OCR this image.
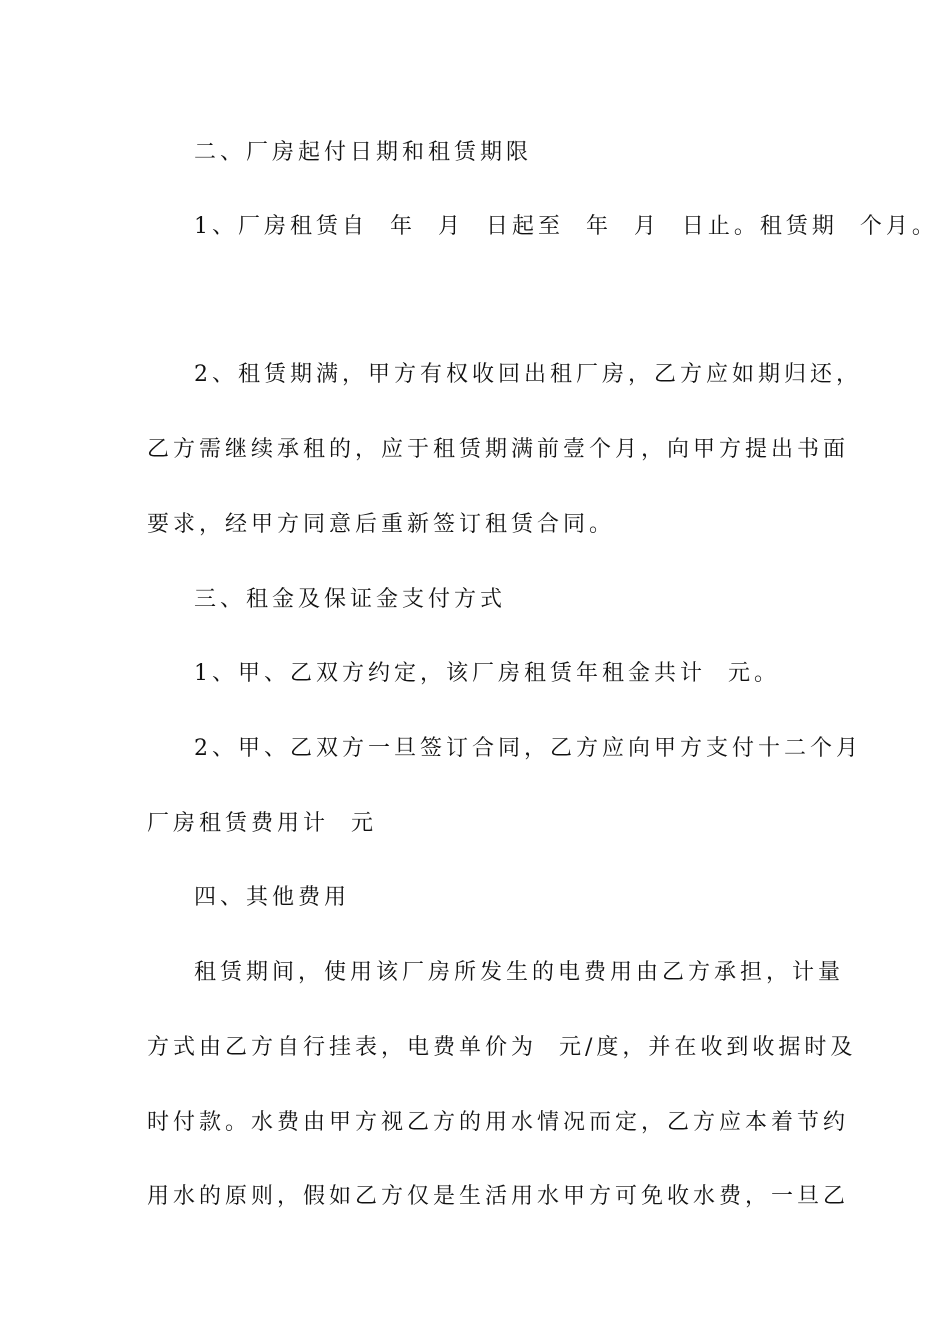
二、厂房起付日期和租赁期限

1、厂房租赁自  年  月  日起至  年  月  日止。租赁期  个月。

2、租赁期满，甲方有权收回出租厂房，乙方应如期归还，

乙方需继续承租的，应于租赁期满前壹个月，向甲方提出书面

要求，经甲方同意后重新签订租赁合同。

三、租金及保证金支付方式

1、甲、乙双方约定，该厂房租赁年租金共计  元。

2、甲、乙双方一旦签订合同，乙方应向甲方支付十二个月

厂房租赁费用计  元

四、其他费用

租赁期间，使用该厂房所发生的电费用由乙方承担，计量

方式由乙方自行挂表，电费单价为  元/度，并在收到收据时及

时付款。水费由甲方视乙方的用水情况而定，乙方应本着节约

用水的原则，假如乙方仅是生活用水甲方可免收水费，一旦乙
